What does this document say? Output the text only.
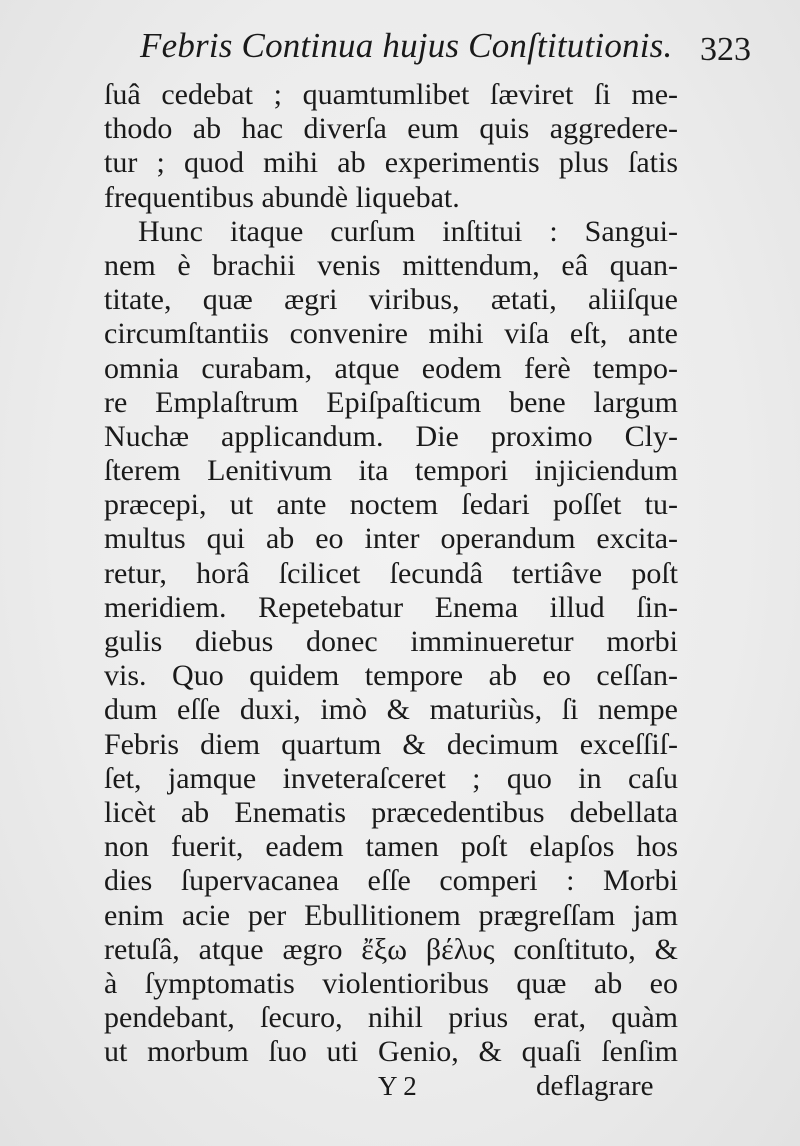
Febris Continua hujus Conſtitutionis. 323
ſuâ cedebat ; quamtumlibet ſæviret ſi me-
thodo ab hac diverſa eum quis aggredere-
tur ; quod mihi ab experimentis plus ſatis
frequentibus abundè liquebat.
Hunc itaque curſum inſtitui : Sangui-
nem è brachii venis mittendum, eâ quan-
titate, quæ ægri viribus, ætati, aliiſque
circumſtantiis convenire mihi viſa eſt, ante
omnia curabam, atque eodem ferè tempo-
re Emplaſtrum Epiſpaſticum bene largum
Nuchæ applicandum. Die proximo Cly-
ſterem Lenitivum ita tempori injiciendum
præcepi, ut ante noctem ſedari poſſet tu-
multus qui ab eo inter operandum excita-
retur, horâ ſcilicet ſecundâ tertiâve poſt
meridiem. Repetebatur Enema illud ſin-
gulis diebus donec imminueretur morbi
vis. Quo quidem tempore ab eo ceſſan-
dum eſſe duxi, imò & maturiùs, ſi nempe
Febris diem quartum & decimum exceſſiſ-
ſet, jamque inveteraſceret ; quo in caſu
licèt ab Enematis præcedentibus debellata
non fuerit, eadem tamen poſt elapſos hos
dies ſupervacanea eſſe comperi : Morbi
enim acie per Ebullitionem prægreſſam jam
retuſâ, atque ægro ἔξω βέλυς conſtituto, &
à ſymptomatis violentioribus quæ ab eo
pendebant, ſecuro, nihil prius erat, quàm
ut morbum ſuo uti Genio, & quaſi ſenſim
Y 2	deflagrare
